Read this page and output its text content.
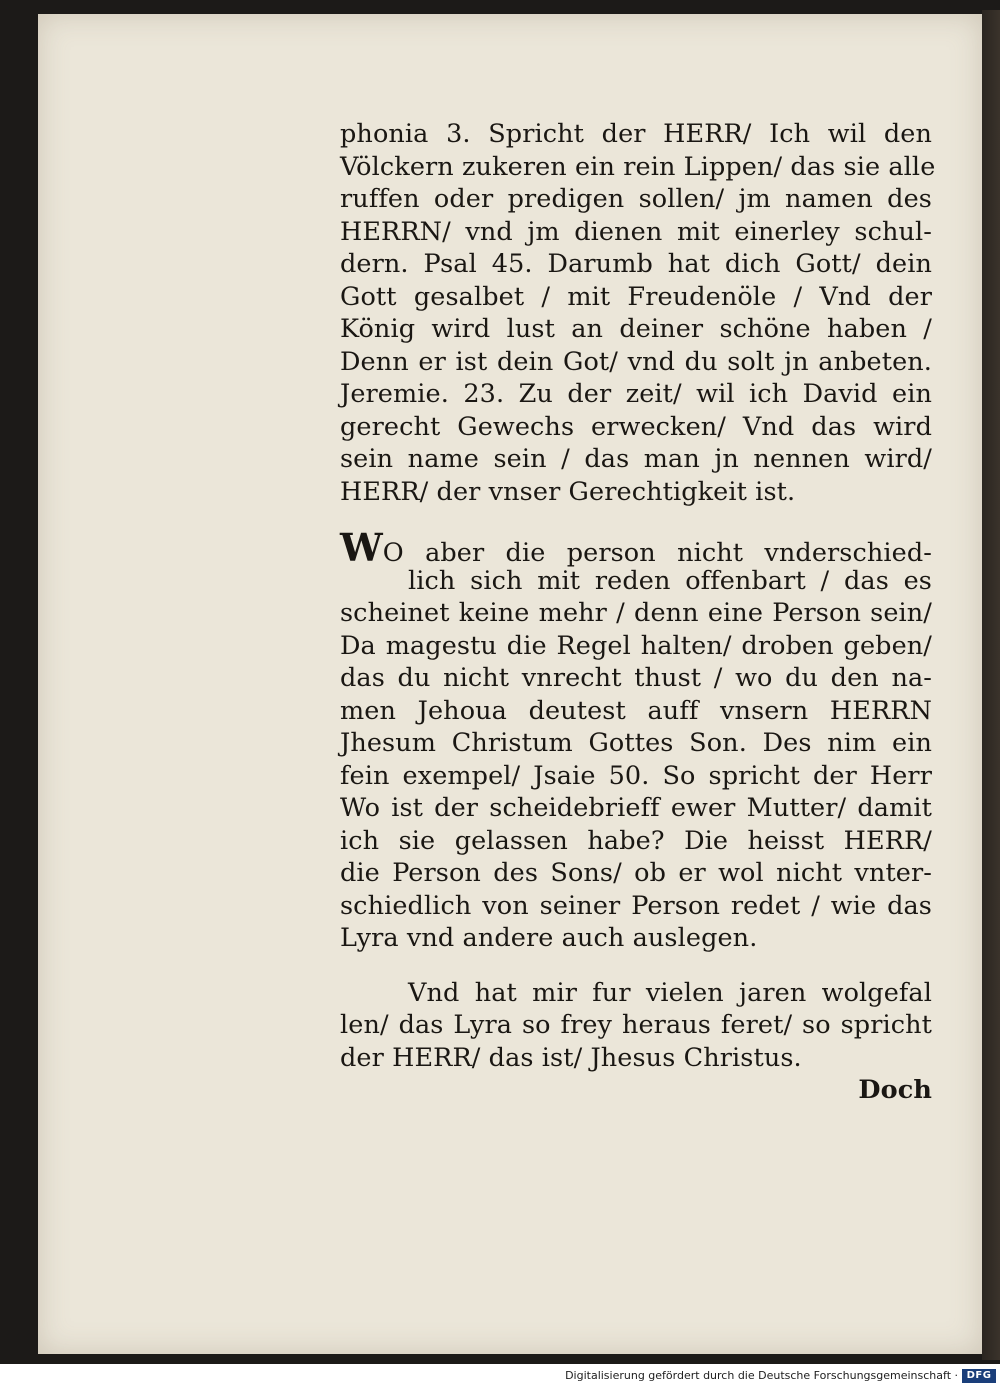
phonia 3. Spricht der HERR/ Ich wil den
Völckern zukeren ein rein Lippen/ das sie alle
ruffen oder predigen sollen/ jm namen des
HERRN/ vnd jm dienen mit einerley schul-
dern. Psal 45. Darumb hat dich Gott/ dein
Gott gesalbet / mit Freudenöle / Vnd der
König wird lust an deiner schöne haben /
Denn er ist dein Got/ vnd du solt jn anbeten.
Jeremie. 23. Zu der zeit/ wil ich David ein
gerecht Gewechs erwecken/ Vnd das wird
sein name sein / das man jn nennen wird/
HERR/ der vnser Gerechtigkeit ist.
WO aber die person nicht vnderschied-
lich sich mit reden offenbart / das es
scheinet keine mehr / denn eine Person sein/
Da magestu die Regel halten/ droben geben/
das du nicht vnrecht thust / wo du den na-
men Jehoua deutest auff vnsern HERRN
Jhesum Christum Gottes Son. Des nim ein
fein exempel/ Jsaie 50. So spricht der Herr
Wo ist der scheidebrieff ewer Mutter/ damit
ich sie gelassen habe? Die heisst HERR/
die Person des Sons/ ob er wol nicht vnter-
schiedlich von seiner Person redet / wie das
Lyra vnd andere auch auslegen.
Vnd hat mir fur vielen jaren wolgefal
len/ das Lyra so frey heraus feret/ so spricht
der HERR/ das ist/ Jhesus Christus.
Doch
Digitalisierung gefördert durch die Deutsche Forschungsgemeinschaft · DFG
